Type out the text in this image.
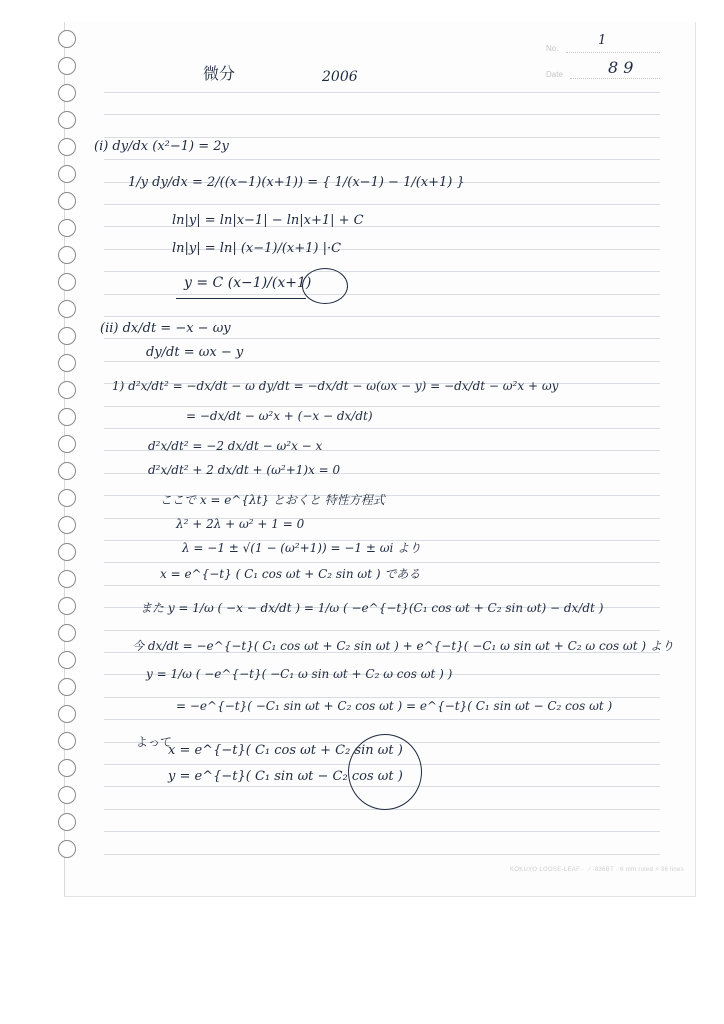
No.
1
Date	8 9
微分	2006
(i) dy/dx (x²−1) = 2y
1/y dy/dx = 2/((x−1)(x+1)) = { 1/(x−1) − 1/(x+1) }
ln|y| = ln|x−1| − ln|x+1| + C
ln|y| = ln| (x−1)/(x+1) |·C
y = C (x−1)/(x+1)
(ii) dx/dt = −x − ωy
dy/dt = ωx − y
1) d²x/dt² = −dx/dt − ω dy/dt = −dx/dt − ω(ωx − y) = −dx/dt − ω²x + ωy
= −dx/dt − ω²x + (−x − dx/dt)
d²x/dt² = −2 dx/dt − ω²x − x
d²x/dt² + 2 dx/dt + (ω²+1)x = 0
ここで x = e^{λt} とおくと 特性方程式
λ² + 2λ + ω² + 1 = 0
λ = −1 ± √(1 − (ω²+1)) = −1 ± ωi より
x = e^{−t} ( C₁ cos ωt + C₂ sin ωt ) である
また y = 1/ω ( −x − dx/dt ) = 1/ω ( −e^{−t}(C₁ cos ωt + C₂ sin ωt) − dx/dt )
今 dx/dt = −e^{−t}( C₁ cos ωt + C₂ sin ωt ) + e^{−t}( −C₁ ω sin ωt + C₂ ω cos ωt ) より
y = 1/ω ( −e^{−t}( −C₁ ω sin ωt + C₂ ω cos ωt ) )
= −e^{−t}( −C₁ sin ωt + C₂ cos ωt ) = e^{−t}( C₁ sin ωt − C₂ cos ωt )
よって
x = e^{−t}( C₁ cos ωt + C₂ sin ωt )
y = e^{−t}( C₁ sin ωt − C₂ cos ωt )
KOKUYO LOOSE-LEAF · ノ-836BT · 6 mm ruled × 36 lines
